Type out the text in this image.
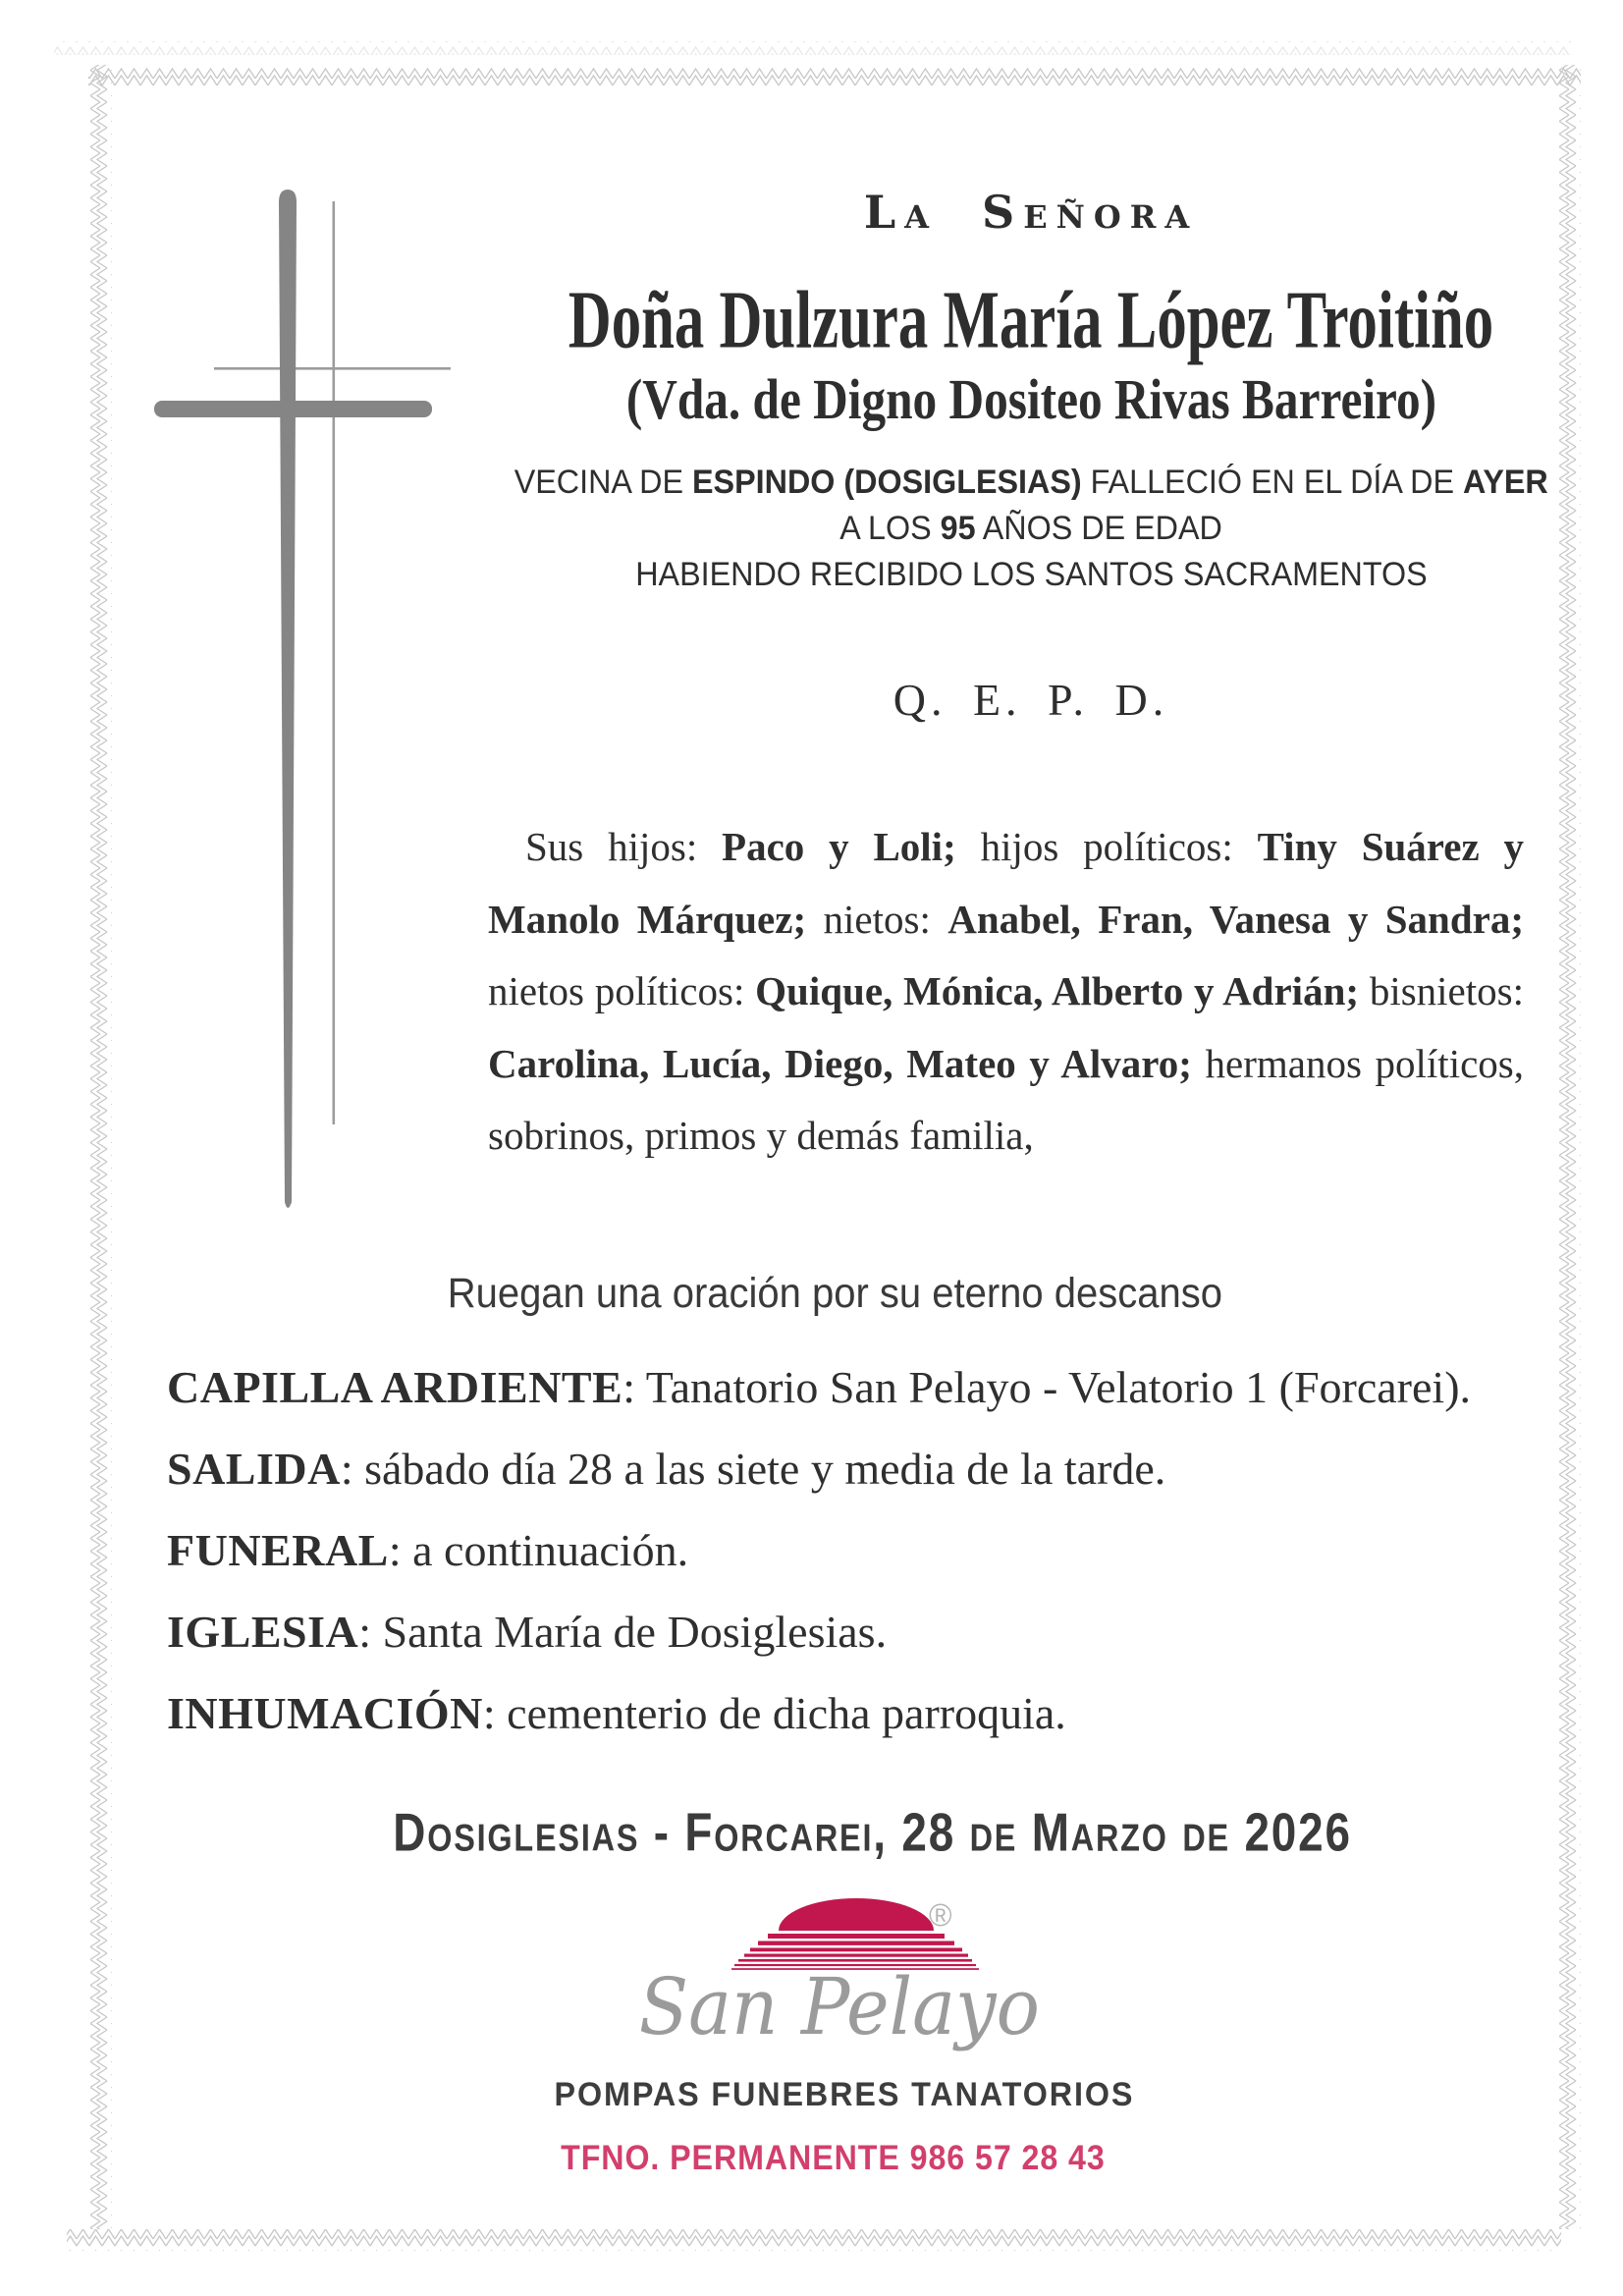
La Señora
Doña Dulzura María López Troitiño
(Vda. de Digno Dositeo Rivas Barreiro)
VECINA DE ESPINDO (DOSIGLESIAS) FALLECIÓ EN EL DÍA DE AYER
A LOS 95 AÑOS DE EDAD
HABIENDO RECIBIDO LOS SANTOS SACRAMENTOS
Q. E. P. D.
Sus hijos: Paco y Loli; hijos políticos: Tiny Suárez y Manolo Márquez; nietos: Anabel, Fran, Vanesa y Sandra; nietos políticos: Quique, Mónica, Alberto y Adrián; bisnietos: Carolina, Lucía, Diego, Mateo y Alvaro; hermanos políticos, sobrinos, primos y demás familia,
Ruegan una oración por su eterno descanso
CAPILLA ARDIENTE: Tanatorio San Pelayo - Velatorio 1 (Forcarei).
SALIDA: sábado día 28 a las siete y media de la tarde.
FUNERAL: a continuación.
IGLESIA: Santa María de Dosiglesias.
INHUMACIÓN: cementerio de dicha parroquia.
Dosiglesias - Forcarei, 28 de Marzo de 2026
®
San Pelayo
POMPAS FUNEBRES TANATORIOS
TFNO. PERMANENTE 986 57 28 43
